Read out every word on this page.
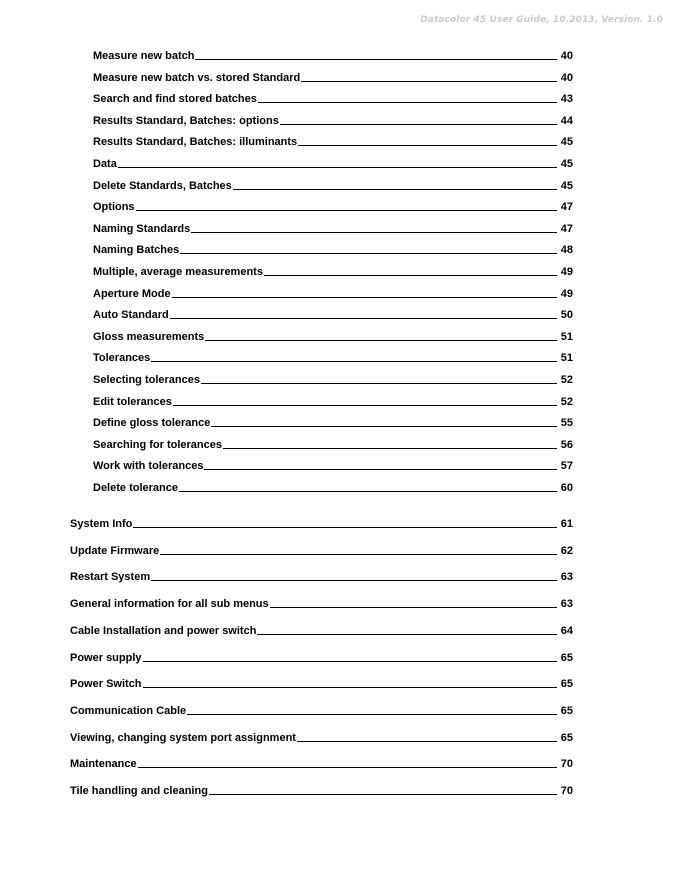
Datacolor 45 User Guide, 10.2013, Version. 1.0
Measure new batch	40
Measure new batch vs. stored Standard	40
Search and find stored batches	43
Results Standard, Batches: options	44
Results Standard, Batches: illuminants	45
Data	45
Delete Standards, Batches	45
Options	47
Naming Standards	47
Naming Batches	48
Multiple, average measurements	49
Aperture Mode	49
Auto Standard	50
Gloss measurements	51
Tolerances	51
Selecting tolerances	52
Edit tolerances	52
Define gloss tolerance	55
Searching for tolerances	56
Work with tolerances	57
Delete tolerance	60
System Info	61
Update Firmware	62
Restart System	63
General information for all sub menus	63
Cable Installation and power switch	64
Power supply	65
Power Switch	65
Communication Cable	65
Viewing, changing system port assignment	65
Maintenance	70
Tile handling and cleaning	70
